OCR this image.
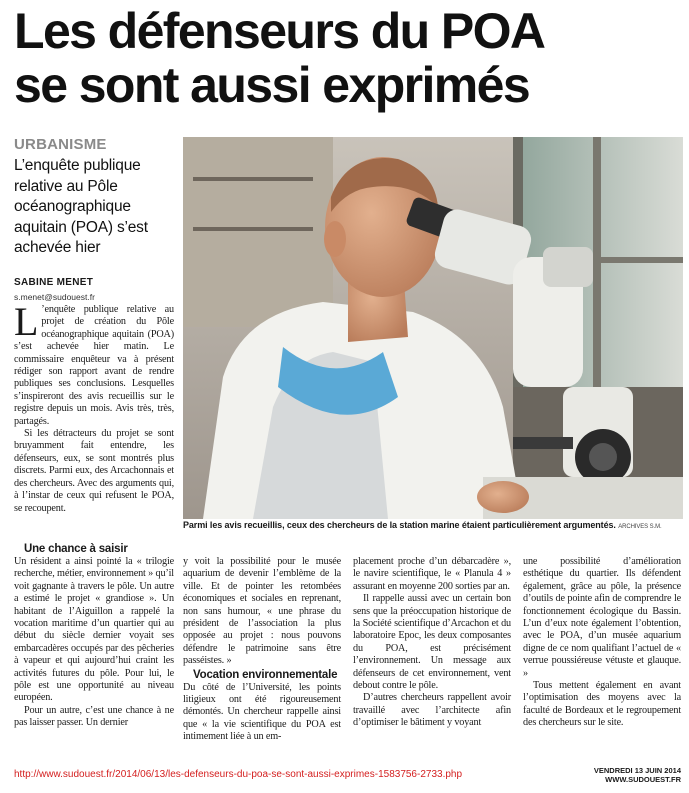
Les défenseurs du POA
se sont aussi exprimés
URBANISME
L’enquête publique relative au Pôle océanographique aquitain (POA) s’est achevée hier
SABINE MENET
s.menet@sudouest.fr

L ’enquête publique relative au projet de création du Pôle océanographique aquitain (POA) s’est achevée hier matin. Le commissaire enquêteur va à présent rédiger son rapport avant de rendre publiques ses conclusions. Lesquelles s’inspireront des avis recueillis sur le registre depuis un mois. Avis très, très, partagés.

Si les détracteurs du projet se sont bruyamment fait entendre, les défenseurs, eux, se sont montrés plus discrets. Parmi eux, des Arcachonnais et des chercheurs. Avec des arguments qui, à l’instar de ceux qui refusent le POA, se recoupent.

Une chance à saisir

Un résident a ainsi pointé la « trilogie recherche, métier, environnement » qu’il voit gagnante à travers le pôle. Un autre a estimé le projet « grandiose ». Un habitant de l’Aiguillon a rappelé la vocation maritime d’un quartier qui au début du siècle dernier voyait ses embarcadères occupés par des pêcheries à vapeur et qui aujourd’hui craint les activités futures du pôle. Pour lui, le pôle est une opportunité au niveau européen.

Pour un autre, c’est une chance à ne pas laisser passer. Un dernier

y voit la possibilité pour le musée aquarium de devenir l’emblème de la ville. Et de pointer les retombées économiques et sociales en reprenant, non sans humour, « une phrase du président de l’association la plus opposée au projet : nous pouvons défendre le patrimoine sans être passéistes. »

Vocation environnementale

Du côté de l’Université, les points litigieux ont été rigoureusement démontés. Un chercheur rappelle ainsi que « la vie scientifique du POA est intimement liée à un em-

placement proche d’un débarcadère », le navire scientifique, le « Planula 4 » assurant en moyenne 200 sorties par an.

Il rappelle aussi avec un certain bon sens que la préoccupation historique de la Société scientifique d’Arcachon et du laboratoire Epoc, les deux composantes du POA, est précisément l’environnement. Un message aux défenseurs de cet environnement, vent debout contre le pôle.

D’autres chercheurs rappellent avoir travaillé avec l’architecte afin d’optimiser le bâtiment y voyant

une possibilité d’amélioration esthétique du quartier. Ils défendent également, grâce au pôle, la présence d’outils de pointe afin de comprendre le fonctionnement écologique du Bassin. L’un d’eux note également l’obtention, avec le POA, d’un musée aquarium digne de ce nom qualifiant l’actuel de « verrue poussiéreuse vétuste et glauque. »

Tous mettent également en avant l’optimisation des moyens avec la faculté de Bordeaux et le regroupement des chercheurs sur le site.

Parmi les avis recueillis, ceux des chercheurs de la station marine étaient particulièrement argumentés. ARCHIVES S.M.
http://www.sudouest.fr/2014/06/13/les-defenseurs-du-poa-se-sont-aussi-exprimes-1583756-2733.php	VENDREDI 13 JUIN 2014
WWW.SUDOUEST.FR
